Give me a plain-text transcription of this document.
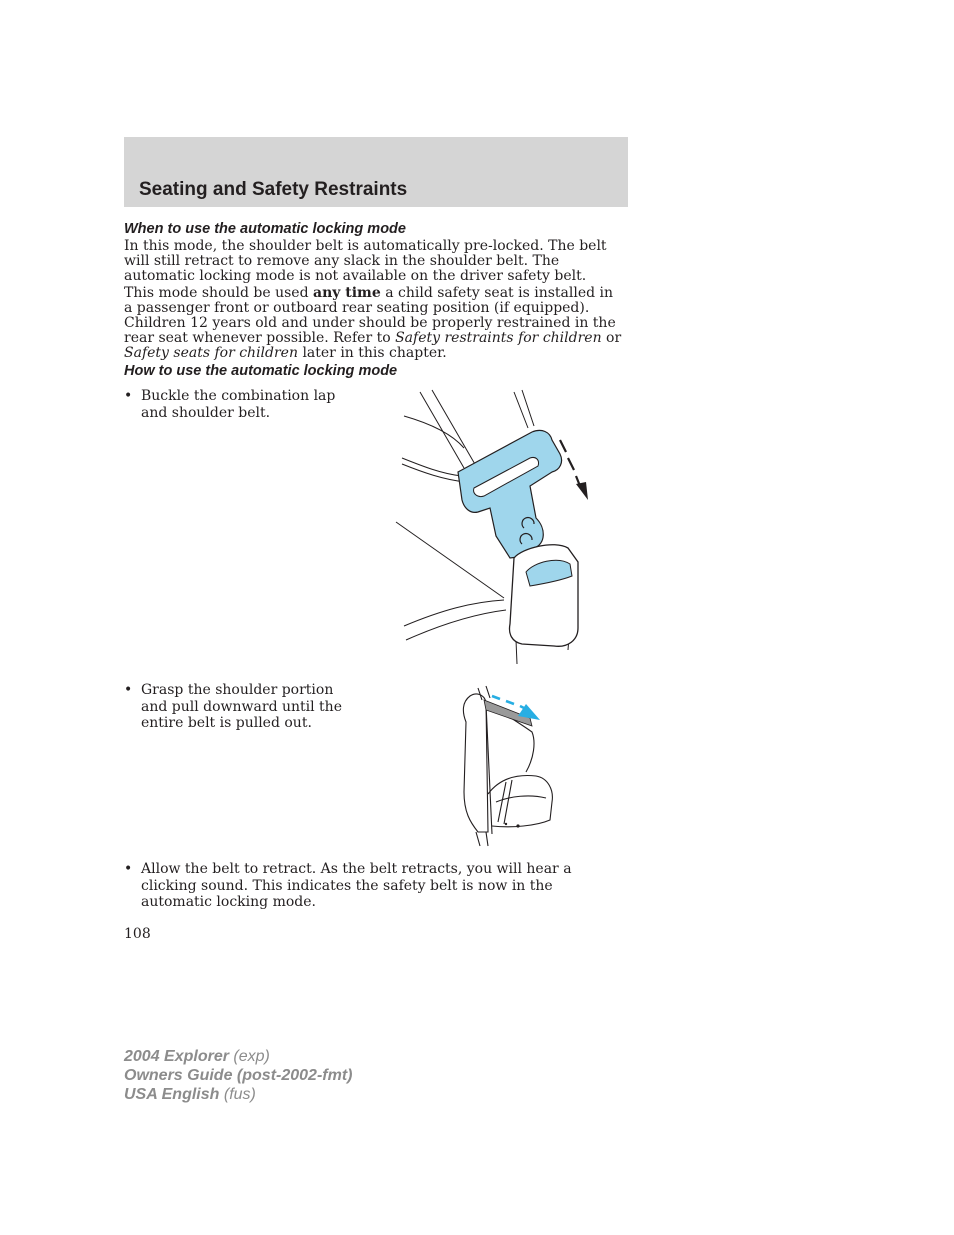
Seating and Safety Restraints
When to use the automatic locking mode

In this mode, the shoulder belt is automatically pre-locked. The belt will still retract to remove any slack in the shoulder belt. The automatic locking mode is not available on the driver safety belt.

This mode should be used any time a child safety seat is installed in a passenger front or outboard rear seating position (if equipped). Children 12 years old and under should be properly restrained in the rear seat whenever possible. Refer to Safety restraints for children or Safety seats for children later in this chapter.

How to use the automatic locking mode
• Buckle the combination lap and shoulder belt.
• Grasp the shoulder portion and pull downward until the entire belt is pulled out.
• Allow the belt to retract. As the belt retracts, you will hear a clicking sound. This indicates the safety belt is now in the automatic locking mode.
108
2004 Explorer (exp)
Owners Guide (post-2002-fmt)
USA English (fus)
